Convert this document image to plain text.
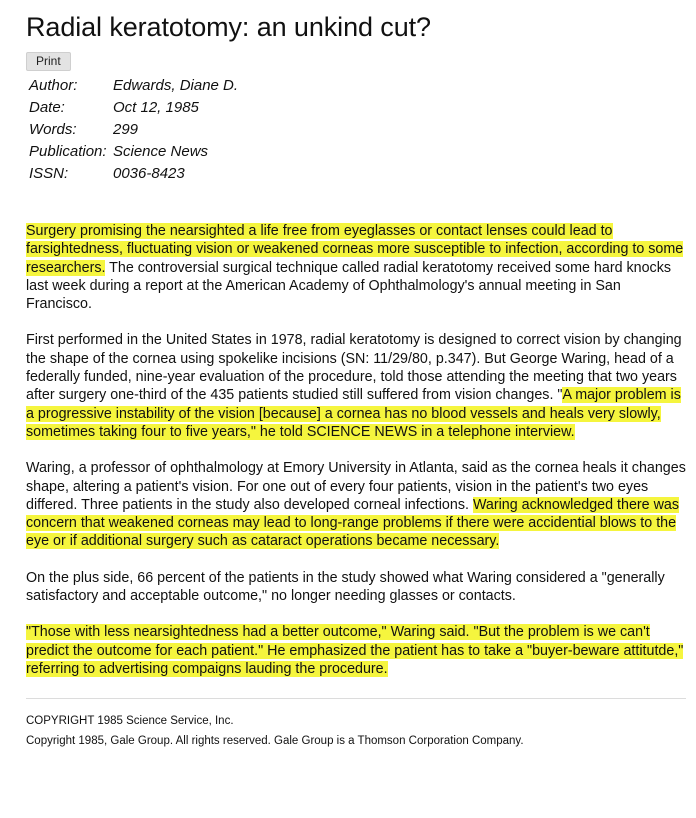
Radial keratotomy: an unkind cut?
Print
Author:	Edwards, Diane D.
Date:	Oct 12, 1985
Words:	299
Publication:	Science News
ISSN:	0036-8423

Surgery promising the nearsighted a life free from eyeglasses or contact lenses could lead to farsightedness, fluctuating vision or weakened corneas more susceptible to infection, according to some researchers. The controversial surgical technique called radial keratotomy received some hard knocks last week during a report at the American Academy of Ophthalmology's annual meeting in San Francisco.

First performed in the United States in 1978, radial keratotomy is designed to correct vision by changing the shape of the cornea using spokelike incisions (SN: 11/29/80, p.347). But George Waring, head of a federally funded, nine-year evaluation of the procedure, told those attending the meeting that two years after surgery one-third of the 435 patients studied still suffered from vision changes. "A major problem is a progressive instability of the vision [because] a cornea has no blood vessels and heals very slowly, sometimes taking four to five years," he told SCIENCE NEWS in a telephone interview.

Waring, a professor of ophthalmology at Emory University in Atlanta, said as the cornea heals it changes shape, altering a patient's vision. For one out of every four patients, vision in the patient's two eyes differed. Three patients in the study also developed corneal infections. Waring acknowledged there was concern that weakened corneas may lead to long-range problems if there were accidential blows to the eye or if additional surgery such as cataract operations became necessary.

On the plus side, 66 percent of the patients in the study showed what Waring considered a "generally satisfactory and acceptable outcome," no longer needing glasses or contacts.

"Those with less nearsightedness had a better outcome," Waring said. "But the problem is we can't predict the outcome for each patient." He emphasized the patient has to take a "buyer-beware attitutde," referring to advertising compaigns lauding the procedure.

COPYRIGHT 1985 Science Service, Inc.
Copyright 1985, Gale Group. All rights reserved. Gale Group is a Thomson Corporation Company.
